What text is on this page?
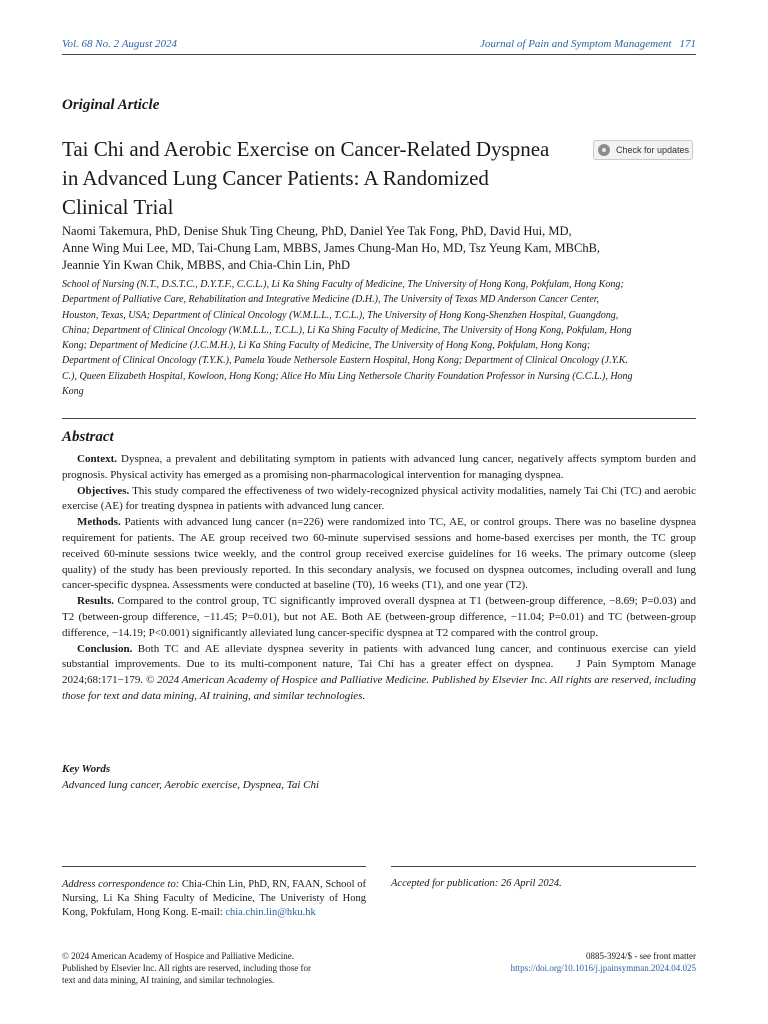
Vol. 68 No. 2 August 2024	Journal of Pain and Symptom Management 171
Original Article
Tai Chi and Aerobic Exercise on Cancer-Related Dyspnea
in Advanced Lung Cancer Patients: A Randomized
Clinical Trial
Check for updates
Naomi Takemura, PhD, Denise Shuk Ting Cheung, PhD, Daniel Yee Tak Fong, PhD, David Hui, MD,
Anne Wing Mui Lee, MD, Tai-Chung Lam, MBBS, James Chung-Man Ho, MD, Tsz Yeung Kam, MBChB,
Jeannie Yin Kwan Chik, MBBS, and Chia-Chin Lin, PhD
School of Nursing (N.T., D.S.T.C., D.Y.T.F., C.C.L.), Li Ka Shing Faculty of Medicine, The University of Hong Kong, Pokfulam, Hong Kong;
Department of Palliative Care, Rehabilitation and Integrative Medicine (D.H.), The University of Texas MD Anderson Cancer Center,
Houston, Texas, USA; Department of Clinical Oncology (W.M.L.L., T.C.L.), The University of Hong Kong-Shenzhen Hospital, Guangdong,
China; Department of Clinical Oncology (W.M.L.L., T.C.L.), Li Ka Shing Faculty of Medicine, The University of Hong Kong, Pokfulam, Hong
Kong; Department of Medicine (J.C.M.H.), Li Ka Shing Faculty of Medicine, The University of Hong Kong, Pokfulam, Hong Kong;
Department of Clinical Oncology (T.Y.K.), Pamela Youde Nethersole Eastern Hospital, Hong Kong; Department of Clinical Oncology (J.Y.K.
C.), Queen Elizabeth Hospital, Kowloon, Hong Kong; Alice Ho Miu Ling Nethersole Charity Foundation Professor in Nursing (C.C.L.), Hong
Kong
Abstract

Context. Dyspnea, a prevalent and debilitating symptom in patients with advanced lung cancer, negatively affects symptom burden and prognosis. Physical activity has emerged as a promising non-pharmacological intervention for managing dyspnea.

Objectives. This study compared the effectiveness of two widely-recognized physical activity modalities, namely Tai Chi (TC) and aerobic exercise (AE) for treating dyspnea in patients with advanced lung cancer.

Methods. Patients with advanced lung cancer (n=226) were randomized into TC, AE, or control groups. There was no baseline dyspnea requirement for patients. The AE group received two 60-minute supervised sessions and home-based exercises per month, the TC group received 60-minute sessions twice weekly, and the control group received exercise guidelines for 16 weeks. The primary outcome (sleep quality) of the study has been previously reported. In this secondary analysis, we focused on dyspnea outcomes, including overall and lung cancer-specific dyspnea. Assessments were conducted at baseline (T0), 16 weeks (T1), and one year (T2).

Results. Compared to the control group, TC significantly improved overall dyspnea at T1 (between-group difference, −8.69; P=0.03) and T2 (between-group difference, −11.45; P=0.01), but not AE. Both AE (between-group difference, −11.04; P=0.01) and TC (between-group difference, −14.19; P<0.001) significantly alleviated lung cancer-specific dyspnea at T2 compared with the control group.

Conclusion. Both TC and AE alleviate dyspnea severity in patients with advanced lung cancer, and continuous exercise can yield substantial improvements. Due to its multi-component nature, Tai Chi has a greater effect on dyspnea.    J Pain Symptom Manage 2024;68:171−179. © 2024 American Academy of Hospice and Palliative Medicine. Published by Elsevier Inc. All rights are reserved, including those for text and data mining, AI training, and similar technologies.

Key Words
Advanced lung cancer, Aerobic exercise, Dyspnea, Tai Chi
Address correspondence to: Chia-Chin Lin, PhD, RN, FAAN, School of Nursing, Li Ka Shing Faculty of Medicine, The Univeristy of Hong Kong, Pokfulam, Hong Kong. E-mail: chia.chin.lin@hku.hk
Accepted for publication: 26 April 2024.
© 2024 American Academy of Hospice and Palliative Medicine.
Published by Elsevier Inc. All rights are reserved, including those for
text and data mining, AI training, and similar technologies.
0885-3924/$ - see front matter
https://doi.org/10.1016/j.jpainsymman.2024.04.025
